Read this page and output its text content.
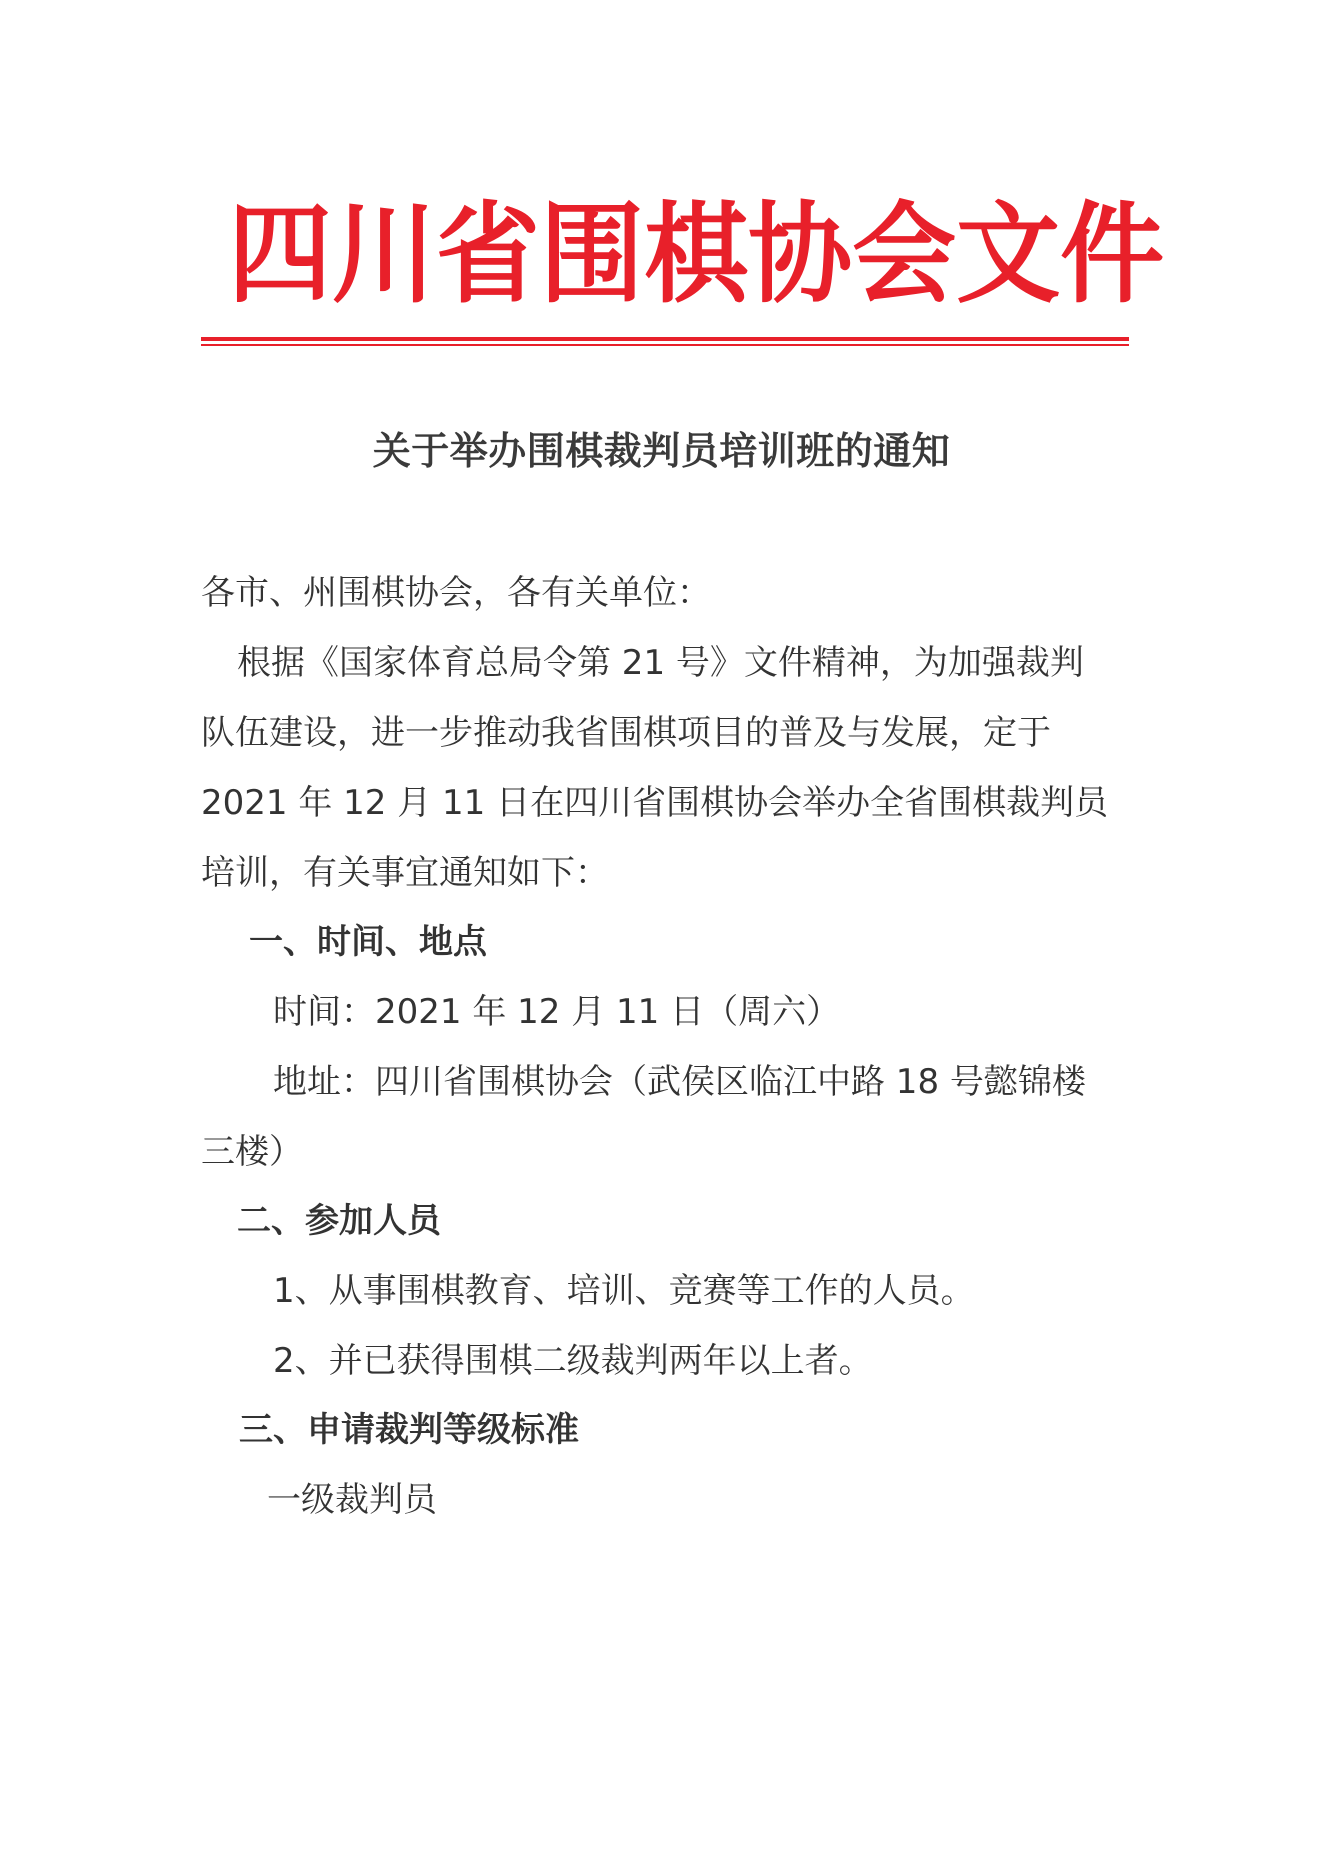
四 川 省 围 棋 协 会 文 件
关于举办围棋裁判员培训班的通知
各市、州围棋协会，各有关单位：
根据《国家体育总局令第 21 号》文件精神，为加强裁判
队伍建设，进一步推动我省围棋项目的普及与发展，定于
2021 年 12 月 11 日在四川省围棋协会举办全省围棋裁判员
培训，有关事宜通知如下：
一、时间、地点
时间：2021 年 12 月 11 日（周六）
地址：四川省围棋协会（武侯区临江中路 18 号懿锦楼
三楼）
二、参加人员
1、从事围棋教育、培训、竞赛等工作的人员。
2、并已获得围棋二级裁判两年以上者。
三、申请裁判等级标准
一级裁判员
